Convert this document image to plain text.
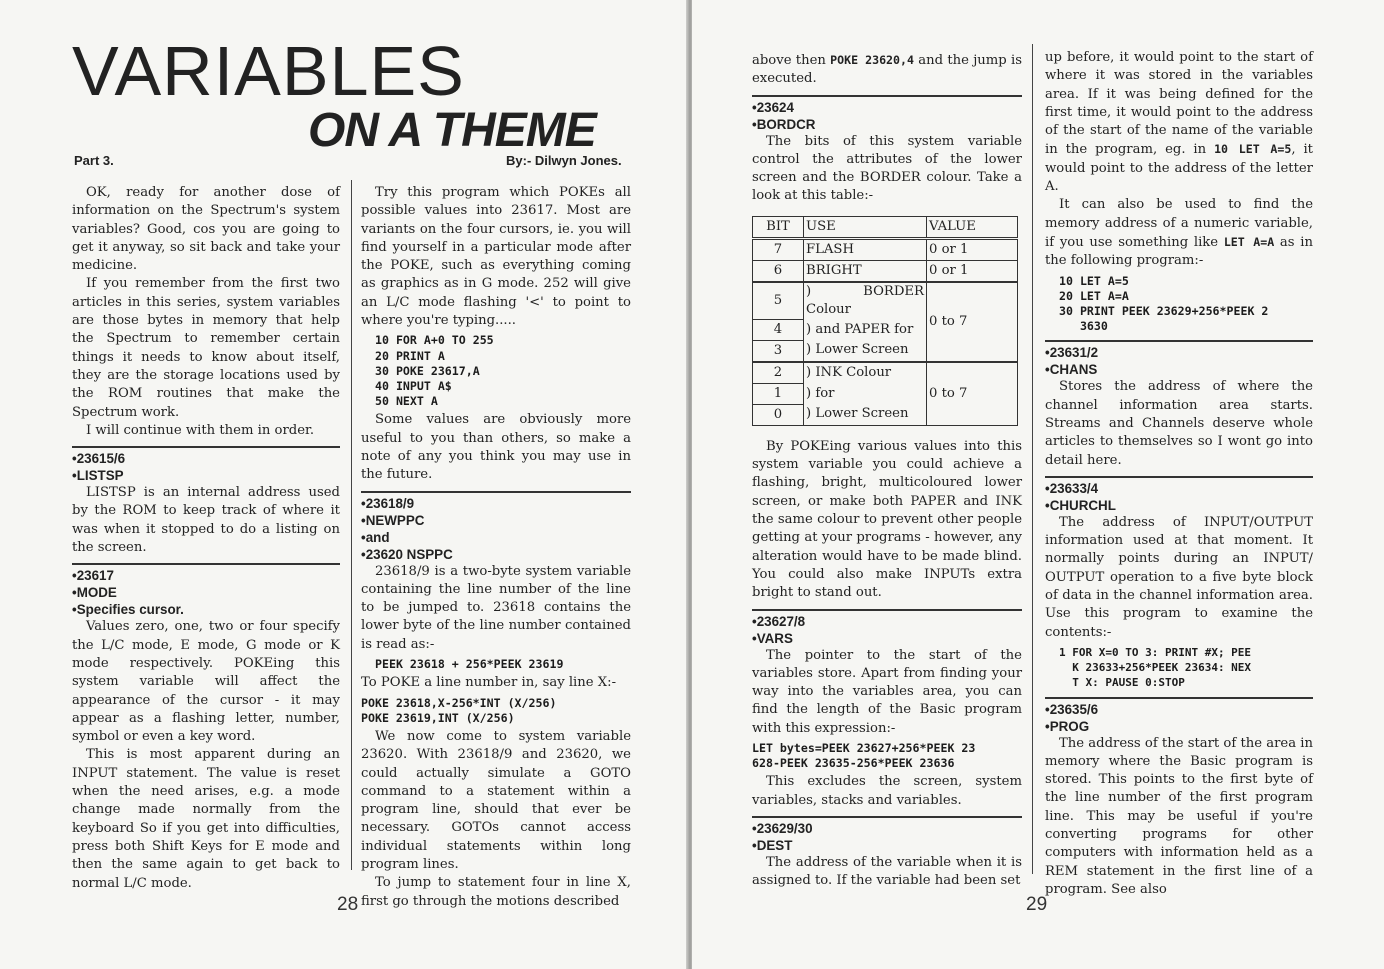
VARIABLES
ON A THEME
Part 3.	By:- Dilwyn Jones.

OK, ready for another dose of information on the Spectrum's system variables? Good, cos you are going to get it anyway, so sit back and take your medicine.

If you remember from the first two articles in this series, system variables are those bytes in memory that help the Spectrum to remember certain things it needs to know about itself, they are the storage locations used by the ROM routines that make the Spectrum work.

I will continue with them in order.

•23615/6
•LISTSP

LISTSP is an internal address used by the ROM to keep track of where it was when it stopped to do a listing on the screen.

•23617
•MODE
•Specifies cursor.

Values zero, one, two or four specify the L/C mode, E mode, G mode or K mode respectively. POKEing this system variable will affect the appearance of the cursor - it may appear as a flashing letter, number, symbol or even a key word.

This is most apparent during an INPUT statement. The value is reset when the need arises, e.g. a mode change made normally from the keyboard So if you get into difficulties, press both Shift Keys for E mode and then the same again to get back to normal L/C mode.

Try this program which POKEs all possible values into 23617. Most are variants on the four cursors, ie. you will find yourself in a particular mode after the POKE, such as everything coming as graphics as in G mode. 252 will give an L/C mode flashing '<' to point to where you're typing.....

10 FOR A+0 TO 255
20 PRINT A
30 POKE 23617,A
40 INPUT A$
50 NEXT A

Some values are obviously more useful to you than others, so make a note of any you think you may use in the future.

•23618/9
•NEWPPC
•and
•23620 NSPPC

23618/9 is a two-byte system variable containing the line number of the line to be jumped to. 23618 contains the lower byte of the line number contained is read as:-

PEEK 23618 + 256*PEEK 23619

To POKE a line number in, say line X:-

POKE 23618,X-256*INT (X/256)
POKE 23619,INT (X/256)

We now come to system variable 23620. With 23618/9 and 23620, we could actually simulate a GOTO command to a statement within a program line, should that ever be necessary. GOTOs cannot access individual statements within long program lines.

To jump to statement four in line X, first go through the motions described

28

above then POKE 23620,4 and the jump is executed.

•23624
•BORDCR

The bits of this system variable control the attributes of the lower screen and the BORDER colour. Take a look at this table:-

BIT	USE	VALUE
7	FLASH	0 or 1
6	BRIGHT	0 or 1
5	) BORDER Colour	0 to 7
4	) and PAPER for	
3	) Lower Screen	
2	) INK Colour	0 to 7
1	) for	
0	) Lower Screen	

By POKEing various values into this system variable you could achieve a flashing, bright, multicoloured lower screen, or make both PAPER and INK the same colour to prevent other people getting at your programs - however, any alteration would have to be made blind. You could also make INPUTs extra bright to stand out.

•23627/8
•VARS

The pointer to the start of the variables store. Apart from finding your way into the variables area, you can find the length of the Basic program with this expression:-

LET bytes=PEEK 23627+256*PEEK 23
628-PEEK 23635-256*PEEK 23636

This excludes the screen, system variables, stacks and variables.

•23629/30
•DEST

The address of the variable when it is assigned to. If the variable had been set

up before, it would point to the start of where it was stored in the variables area. If it was being defined for the first time, it would point to the address of the start of the name of the variable in the program, eg. in 10 LET A=5, it would point to the address of the letter A.

It can also be used to find the memory address of a numeric variable, if you use something like LET A=A as in the following program:-

10 LET A=5
20 LET A=A
30 PRINT PEEK 23629+256*PEEK 2
3630
•23631/2
•CHANS

Stores the address of where the channel information area starts. Streams and Channels deserve whole articles to themselves so I wont go into detail here.

•23633/4
•CHURCHL

The address of INPUT/OUTPUT information used at that moment. It normally points during an INPUT/ OUTPUT operation to a five byte block of data in the channel information area. Use this program to examine the contents:-

1 FOR X=0 TO 3: PRINT #X; PEE
K 23633+256*PEEK 23634: NEX
T X: PAUSE 0:STOP
•23635/6
•PROG

The address of the start of the area in memory where the Basic program is stored. This points to the first byte of the line number of the first program line. This may be useful if you're converting programs for other computers with information held as a REM statement in the first line of a program. See also

29
